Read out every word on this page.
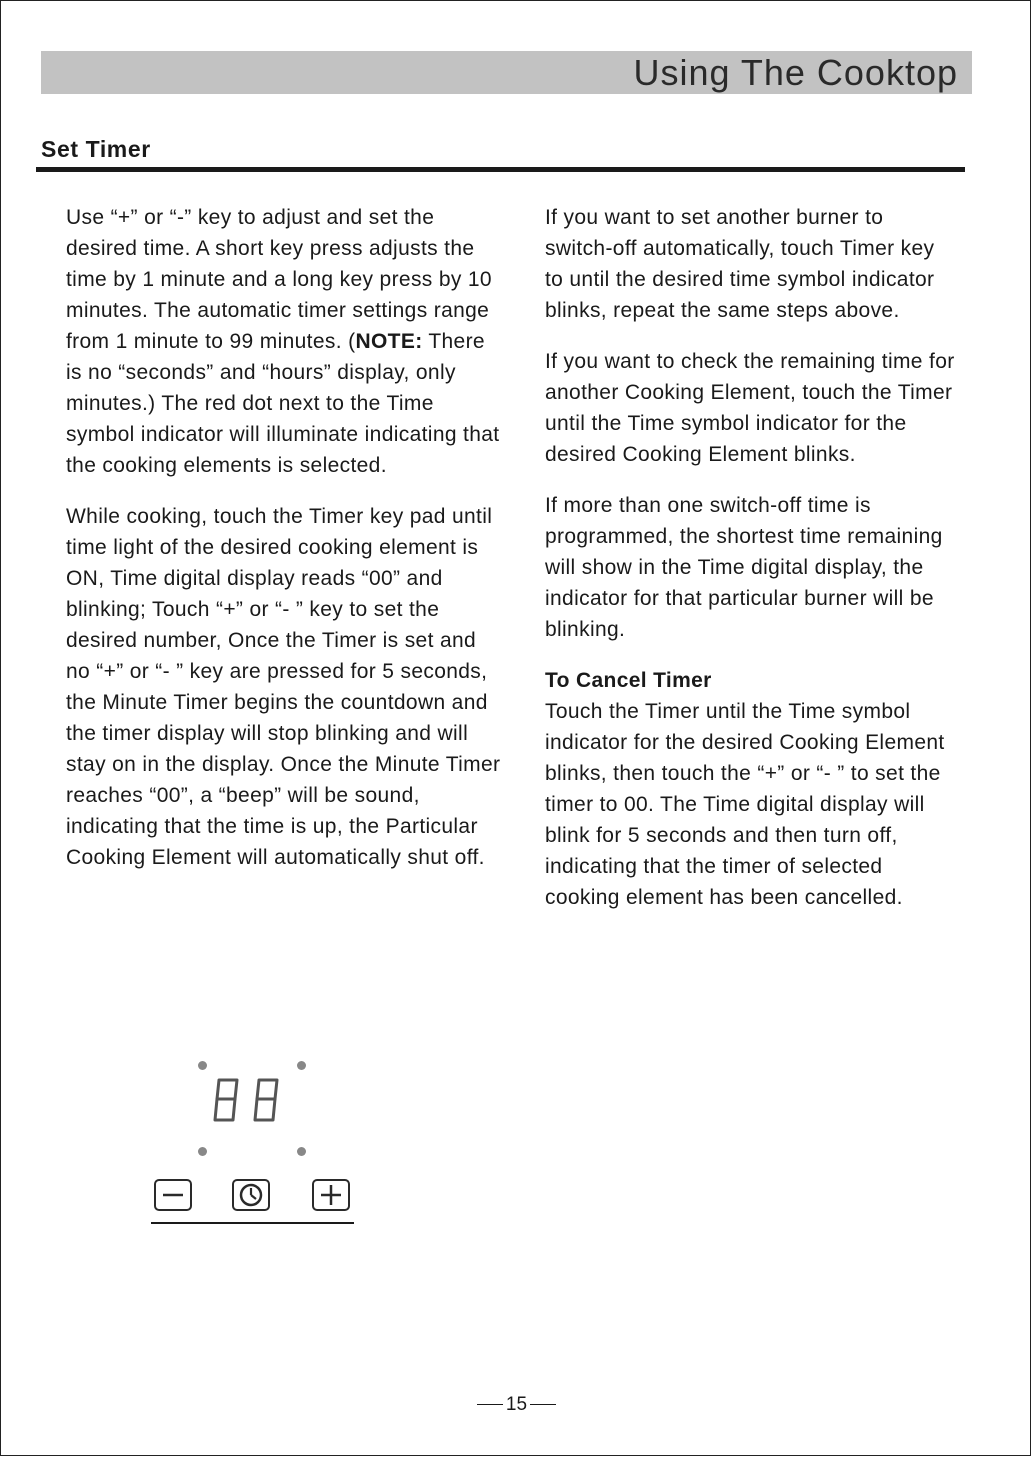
Using The Cooktop
Set Timer

Use “+” or “-” key to adjust and set the desired time. A short key press adjusts the time by 1 minute and a long key press by 10 minutes. The automatic timer settings range from 1 minute to 99 minutes. (NOTE: There is no “seconds” and “hours” display, only minutes.) The red dot next to the Time symbol indicator will illuminate indicating that the cooking elements is selected.

While cooking, touch the Timer key pad until time light of the desired cooking element is ON, Time digital display reads “00” and blinking; Touch “+” or “- ” key to set the desired number, Once the Timer is set and no “+” or “- ” key are pressed for 5 seconds, the Minute Timer begins the countdown and the timer display will stop blinking and will stay on in the display. Once the Minute Timer reaches “00”, a “beep” will be sound, indicating that the time is up, the Particular Cooking Element will automatically shut off.

If you want to set another burner to switch-off automatically, touch Timer key to until the desired time symbol indicator blinks, repeat the same steps above.

If you want to check the remaining time for another Cooking Element, touch the Timer until the Time symbol indicator for the desired Cooking Element blinks.

If more than one switch-off time is programmed, the shortest time remaining will show in the Time digital display, the indicator for that particular burner will be blinking.

To Cancel Timer

Touch the Timer until the Time symbol indicator for the desired Cooking Element blinks, then touch the “+” or “- ” to set the timer to 00. The Time digital display will blink for 5 seconds and then turn off, indicating that the timer of selected cooking element has been cancelled.

15
